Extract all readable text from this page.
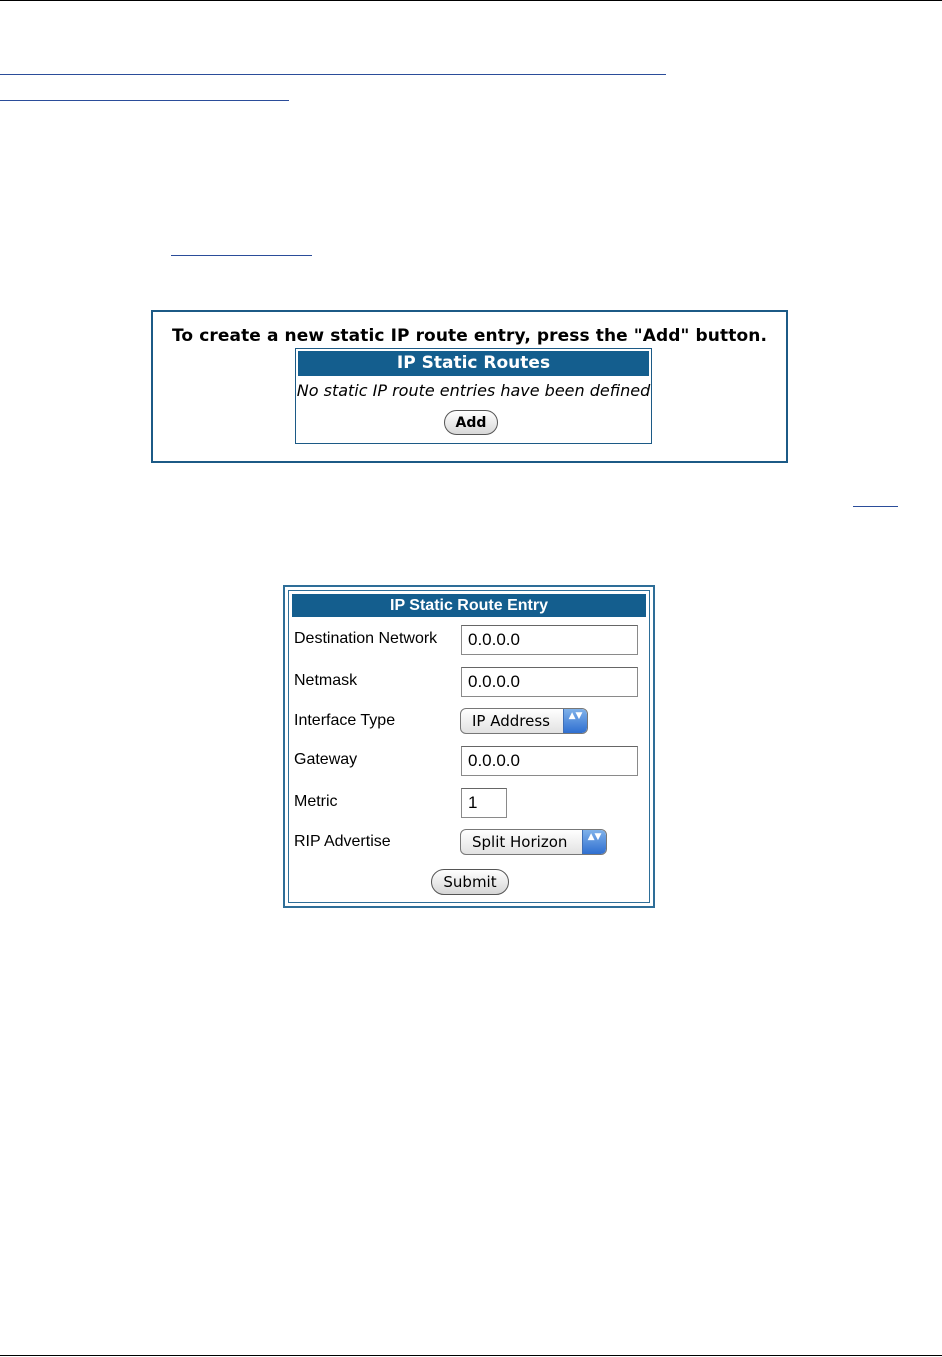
To create a new static IP route entry, press the "Add" button.
IP Static Routes
No static IP route entries have been defined
Add
IP Static Route Entry
Destination Network	0.0.0.0
Netmask	0.0.0.0
Interface Type	IP Address	▲▼
Gateway	0.0.0.0
Metric	1
RIP Advertise	Split Horizon	▲▼
Submit
